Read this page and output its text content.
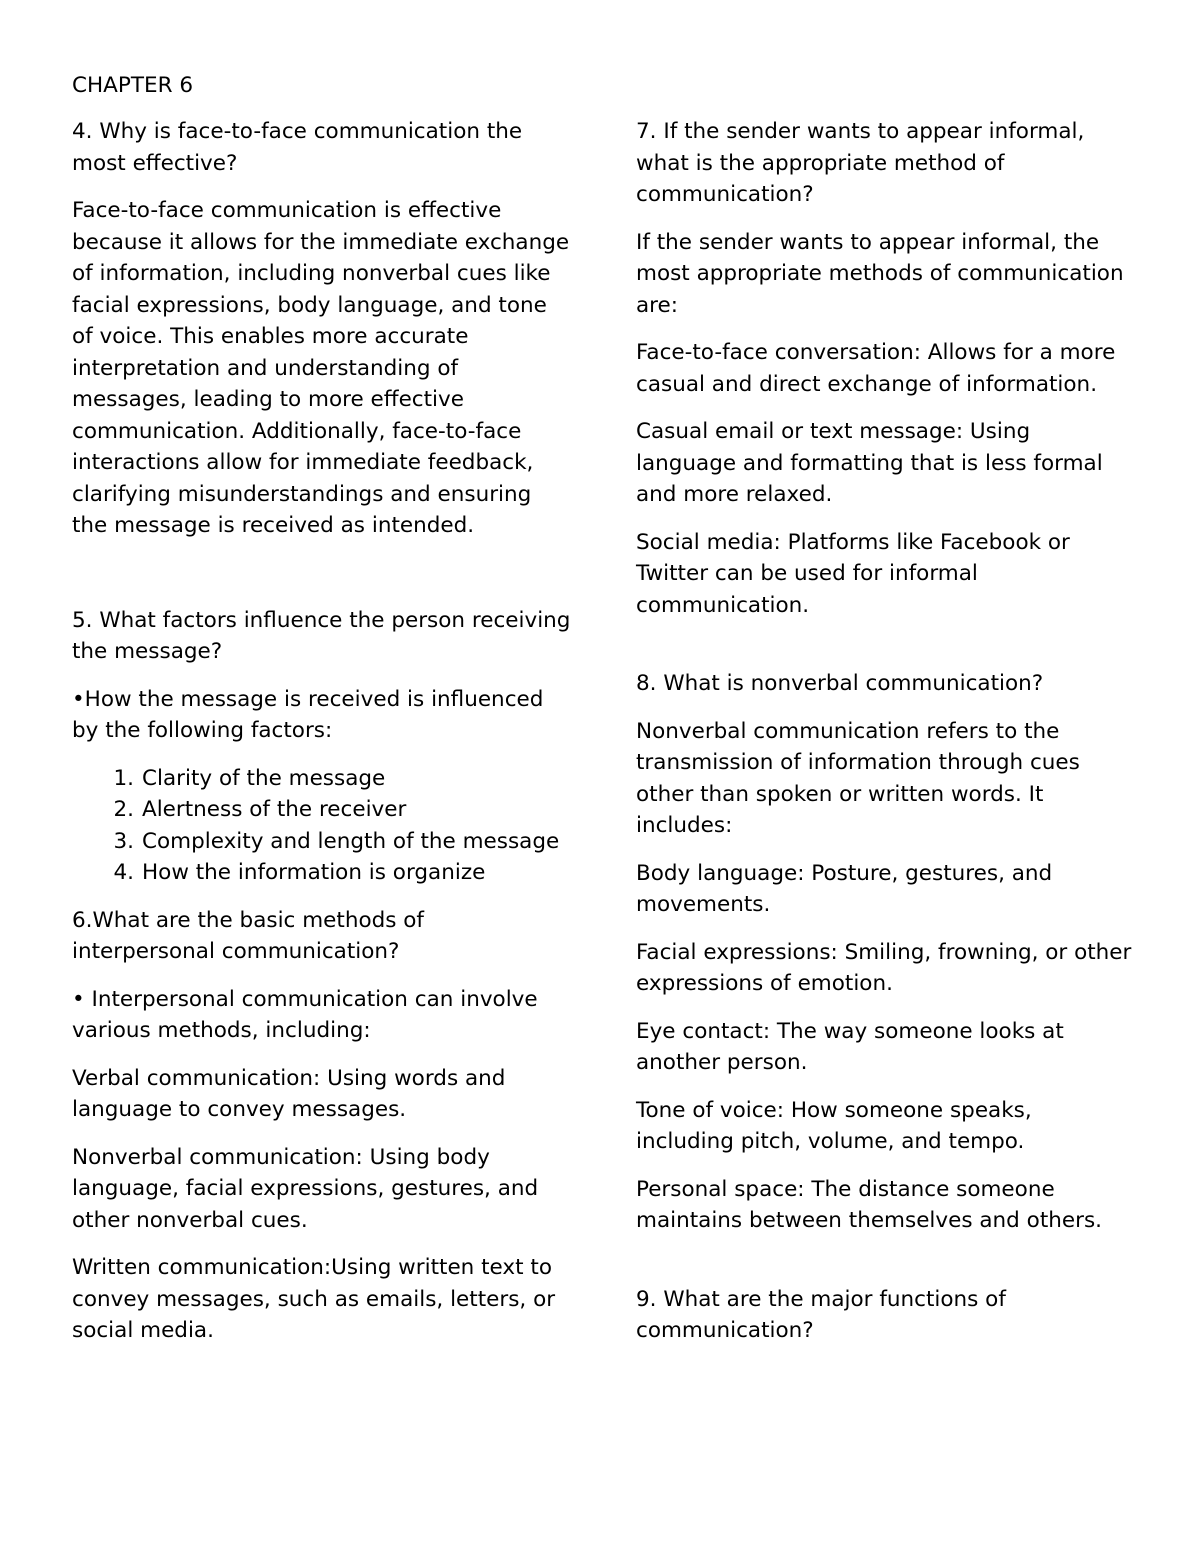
CHAPTER 6

4. Why is face-to-face communication the most effective?

Face-to-face communication is effective because it allows for the immediate exchange of information, including nonverbal cues like facial expressions, body language, and tone of voice. This enables more accurate interpretation and understanding of messages, leading to more effective communication. Additionally, face-to-face interactions allow for immediate feedback, clarifying misunderstandings and ensuring the message is received as intended.

5. What factors influence the person receiving the message?

•How the message is received is influenced by the following factors:

1. Clarity of the message
2. Alertness of the receiver
3. Complexity and length of the message
4. How the information is organize

6.What are the basic methods of interpersonal communication?

• Interpersonal communication can involve various methods, including:

Verbal communication: Using words and language to convey messages.

Nonverbal communication: Using body language, facial expressions, gestures, and other nonverbal cues.

Written communication:Using written text to convey messages, such as emails, letters, or social media.

7. If the sender wants to appear informal, what is the appropriate method of communication?

If the sender wants to appear informal, the most appropriate methods of communication are:

Face-to-face conversation: Allows for a more casual and direct exchange of information.

Casual email or text message: Using language and formatting that is less formal and more relaxed.

Social media: Platforms like Facebook or Twitter can be used for informal communication.

8. What is nonverbal communication?

Nonverbal communication refers to the transmission of information through cues other than spoken or written words. It includes:

Body language: Posture, gestures, and movements.

Facial expressions: Smiling, frowning, or other expressions of emotion.

Eye contact: The way someone looks at another person.

Tone of voice: How someone speaks, including pitch, volume, and tempo.

Personal space: The distance someone maintains between themselves and others.

9. What are the major functions of communication?
